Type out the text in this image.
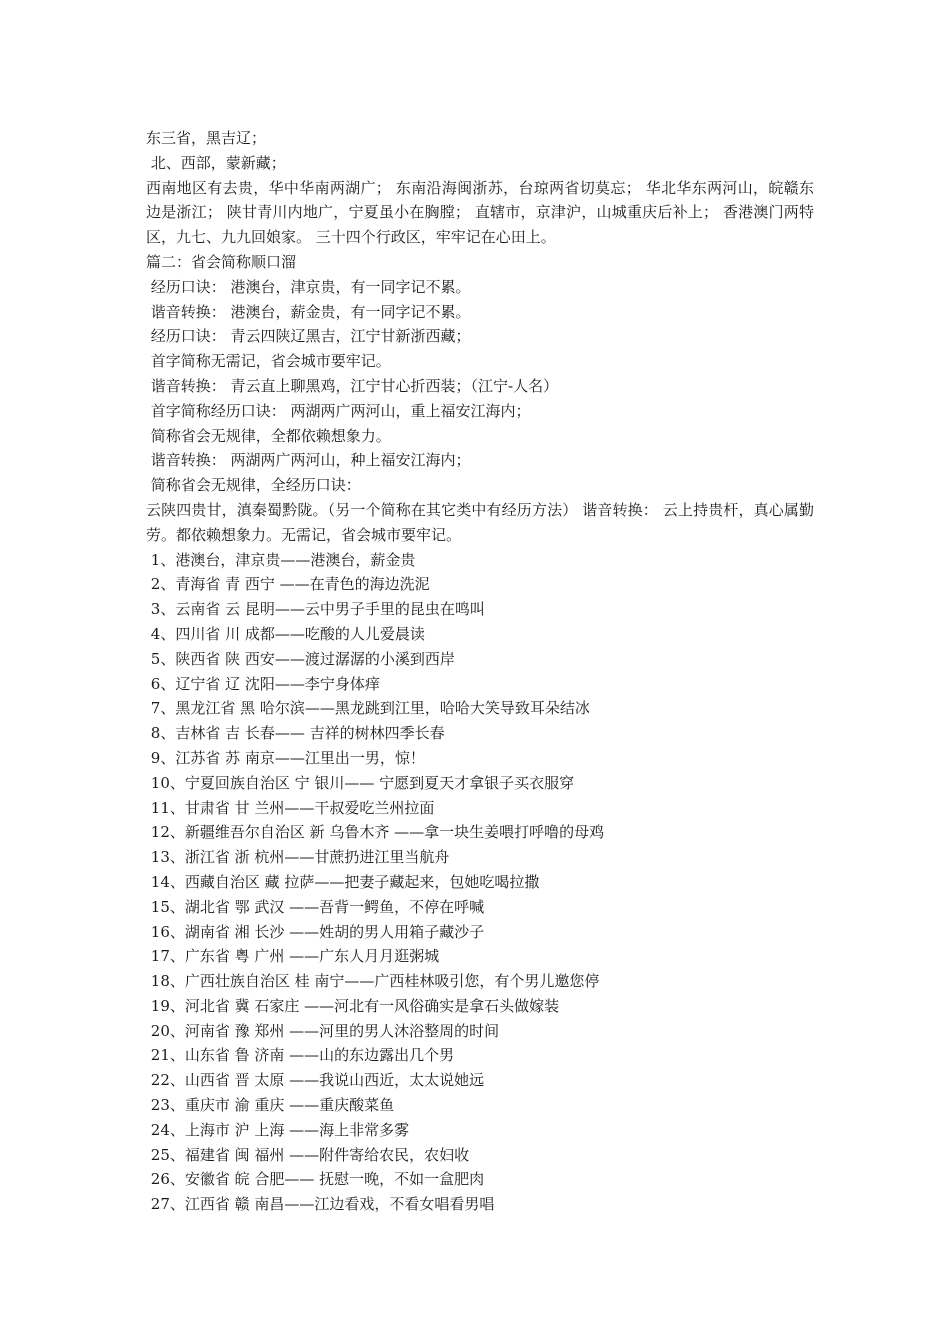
东三省，黑吉辽；

北、西部，蒙新藏；

西南地区有去贵，华中华南两湖广； 东南沿海闽浙苏，台琼两省切莫忘； 华北华东两河山，皖赣东边是浙江； 陕甘青川内地广，宁夏虽小在胸膛； 直辖市，京津沪，山城重庆后补上； 香港澳门两特区，九七、九九回娘家。 三十四个行政区，牢牢记在心田上。

篇二：省会简称顺口溜

经历口诀： 港澳台，津京贵，有一同字记不累。

谐音转换： 港澳台，薪金贵，有一同字记不累。

经历口诀： 青云四陕辽黑吉，江宁甘新浙西藏；

首字简称无需记，省会城市要牢记。

谐音转换： 青云直上聊黑鸡，江宁甘心折西装；（江宁-人名）

首字简称经历口诀： 两湖两广两河山，重上福安江海内；

简称省会无规律，全都依赖想象力。

谐音转换： 两湖两广两河山，种上福安江海内；

简称省会无规律，全经历口诀：

云陕四贵甘，滇秦蜀黔陇。（另一个简称在其它类中有经历方法） 谐音转换： 云上持贵杆，真心属勤劳。都依赖想象力。无需记，省会城市要牢记。

1、港澳台，津京贵——港澳台，薪金贵

2、青海省 青 西宁 ——在青色的海边洗泥

3、云南省 云 昆明——云中男子手里的昆虫在鸣叫

4、四川省 川 成都——吃酸的人儿爱晨读

5、陕西省 陕 西安——渡过潺潺的小溪到西岸

6、辽宁省 辽 沈阳——李宁身体痒

7、黑龙江省 黑 哈尔滨——黑龙跳到江里，哈哈大笑导致耳朵结冰

8、吉林省 吉 长春—— 吉祥的树林四季长春

9、江苏省 苏 南京——江里出一男，惊！

10、宁夏回族自治区 宁 银川—— 宁愿到夏天才拿银子买衣服穿

11、甘肃省 甘 兰州——干叔爱吃兰州拉面

12、新疆维吾尔自治区 新 乌鲁木齐 ——拿一块生姜喂打呼噜的母鸡

13、浙江省 浙 杭州——甘蔗扔进江里当航舟

14、西藏自治区 藏 拉萨——把妻子藏起来，包她吃喝拉撒

15、湖北省 鄂 武汉 ——吾背一鳄鱼，不停在呼喊

16、湖南省 湘 长沙 ——姓胡的男人用箱子藏沙子

17、广东省 粤 广州 ——广东人月月逛粥城

18、广西壮族自治区 桂 南宁——广西桂林吸引您，有个男儿邀您停

19、河北省 冀 石家庄 ——河北有一风俗确实是拿石头做嫁装

20、河南省 豫 郑州 ——河里的男人沐浴整周的时间

21、山东省 鲁 济南 ——山的东边露出几个男

22、山西省 晋 太原 ——我说山西近，太太说她远

23、重庆市 渝 重庆 ——重庆酸菜鱼

24、上海市 沪 上海 ——海上非常多雾

25、福建省 闽 福州 ——附件寄给农民，农妇收

26、安徽省 皖 合肥—— 抚慰一晚，不如一盒肥肉

27、江西省 赣 南昌——江边看戏，不看女唱看男唱
